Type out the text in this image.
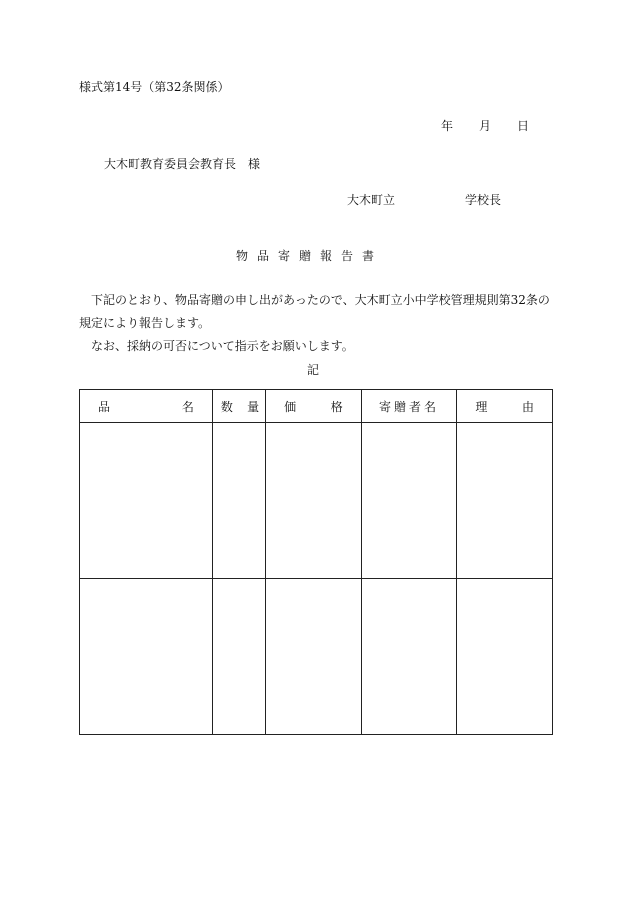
様式第14号（第32条関係）
年 月 日
大木町教育委員会教育長　様
大木町立	学校長
物品寄贈報告書

下記のとおり、物品寄贈の申し出があったので、大木町立小中学校管理規則第32条の規定により報告します。

なお、採納の可否について指示をお願いします。

記
品 名	数 量	価 格	寄贈者名	理 由
